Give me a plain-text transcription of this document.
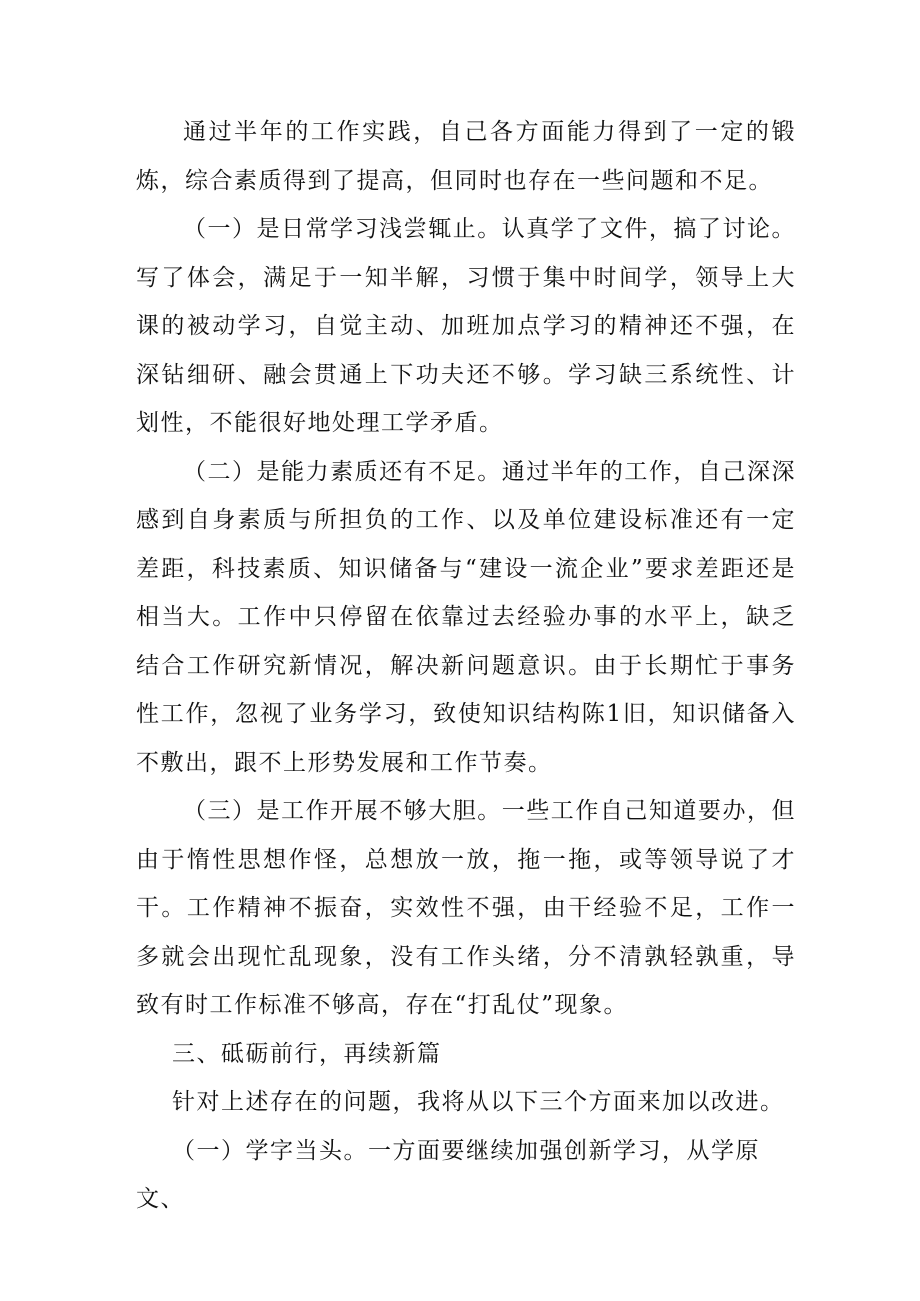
通过半年的工作实践，自己各方面能力得到了一定的锻炼，综合素质得到了提高，但同时也存在一些问题和不足。

（一）是日常学习浅尝辄止。认真学了文件，搞了讨论。写了体会，满足于一知半解，习惯于集中时间学，领导上大课的被动学习，自觉主动、加班加点学习的精神还不强，在深钻细研、融会贯通上下功夫还不够。学习缺三系统性、计划性，不能很好地处理工学矛盾。

（二）是能力素质还有不足。通过半年的工作，自己深深感到自身素质与所担负的工作、以及单位建设标准还有一定差距，科技素质、知识储备与“建设一流企业”要求差距还是相当大。工作中只停留在依靠过去经验办事的水平上，缺乏结合工作研究新情况，解决新问题意识。由于长期忙于事务性工作，忽视了业务学习，致使知识结构陈1旧，知识储备入不敷出，跟不上形势发展和工作节奏。

（三）是工作开展不够大胆。一些工作自己知道要办，但由于惰性思想作怪，总想放一放，拖一拖，或等领导说了才干。工作精神不振奋，实效性不强，由干经验不足，工作一多就会出现忙乱现象，没有工作头绪，分不清孰轻孰重，导致有时工作标准不够高，存在“打乱仗”现象。

三、砥砺前行，再续新篇

针对上述存在的问题，我将从以下三个方面来加以改进。

（一）学字当头。一方面要继续加强创新学习，从学原文、
